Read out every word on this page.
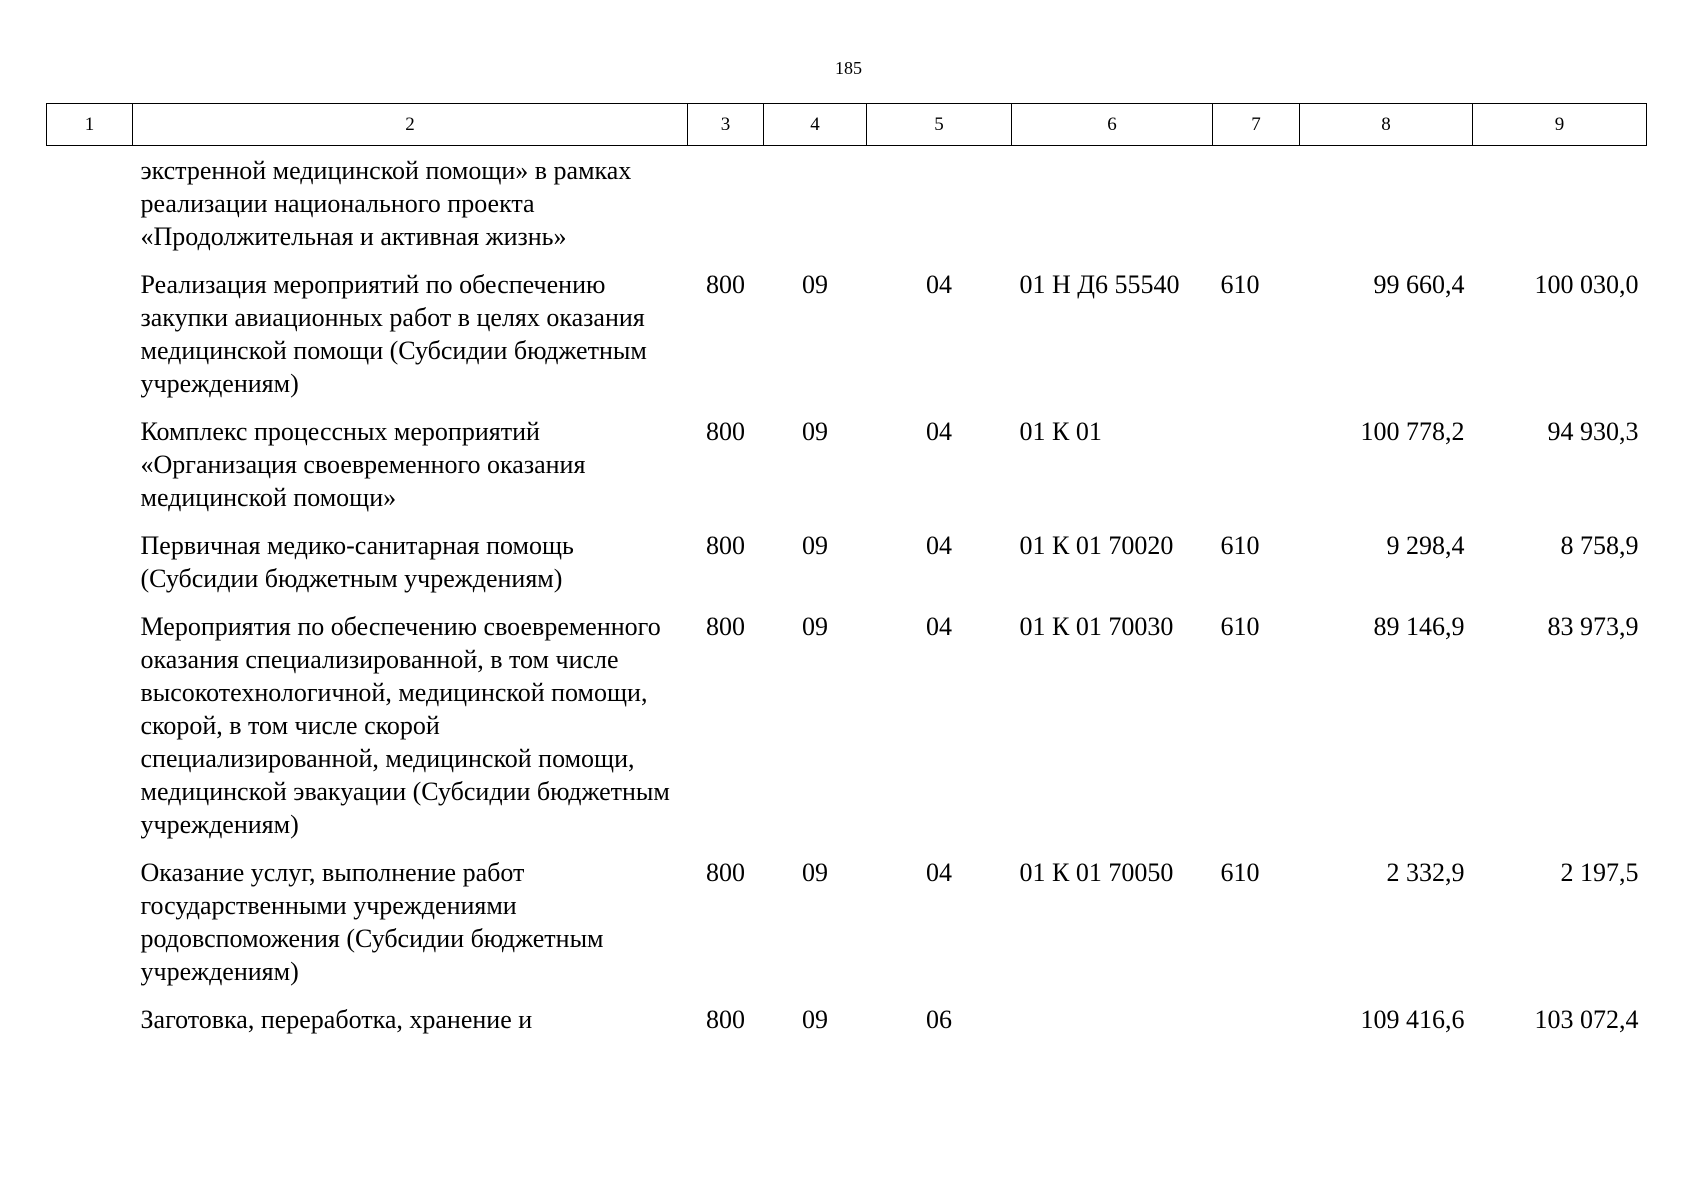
185
1	2	3	4	5	6	7	8	9
	экстренной медицинской помощи» в рамках реализации национального проекта «Продолжительная и активная жизнь»							
	Реализация мероприятий по обеспечению закупки авиационных работ в целях оказания медицинской помощи (Субсидии бюджетным учреждениям)	800	09	04	01 Н Д6 55540	610	99 660,4	100 030,0
	Комплекс процессных мероприятий «Организация своевременного оказания медицинской помощи»	800	09	04	01 К 01		100 778,2	94 930,3
	Первичная медико-санитарная помощь (Субсидии бюджетным учреждениям)	800	09	04	01 К 01 70020	610	9 298,4	8 758,9
	Мероприятия по обеспечению своевременного оказания специализированной, в том числе высокотехнологичной, медицинской помощи, скорой, в том числе скорой специализированной, медицинской помощи, медицинской эвакуации (Субсидии бюджетным учреждениям)	800	09	04	01 К 01 70030	610	89 146,9	83 973,9
	Оказание услуг, выполнение работ государственными учреждениями родовспоможения (Субсидии бюджетным учреждениям)	800	09	04	01 К 01 70050	610	2 332,9	2 197,5
	Заготовка, переработка, хранение и	800	09	06			109 416,6	103 072,4
